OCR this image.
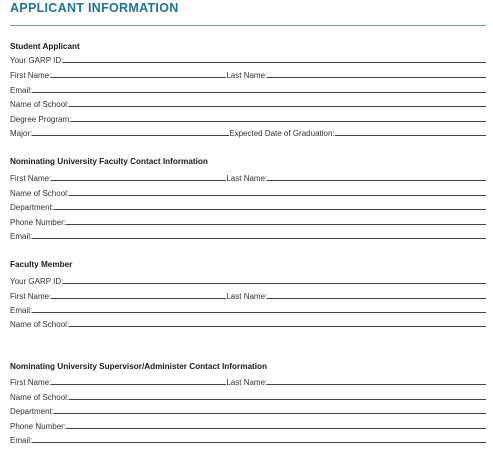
APPLICANT INFORMATION
Student Applicant
Your GARP ID:
First Name:	Last Name:
Email:
Name of School:
Degree Program:
Major:	Expected Date of Graduation:
Nominating University Faculty Contact Information
First Name:	Last Name:
Name of School:
Department:
Phone Number:
Email:
Faculty Member
Your GARP ID:
First Name:	Last Name:
Email:
Name of School:
Nominating University Supervisor/Administer Contact Information
First Name:	Last Name:
Name of School:
Department:
Phone Number:
Email:
